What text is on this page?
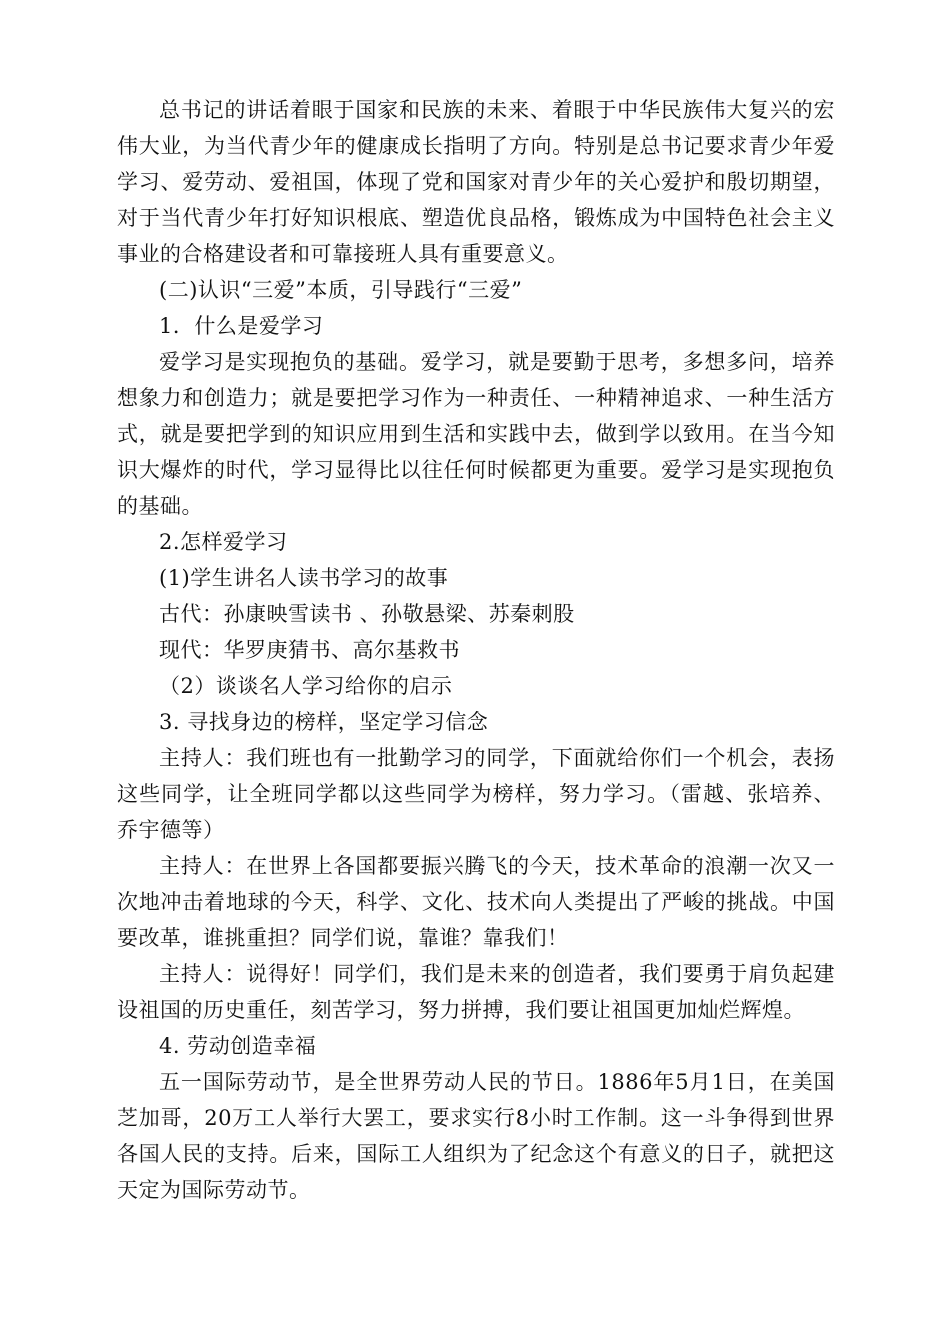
总书记的讲话着眼于国家和民族的未来、着眼于中华民族伟大复兴的宏伟大业，为当代青少年的健康成长指明了方向。特别是总书记要求青少年爱学习、爱劳动、爱祖国，体现了党和国家对青少年的关心爱护和殷切期望，对于当代青少年打好知识根底、塑造优良品格，锻炼成为中国特色社会主义事业的合格建设者和可靠接班人具有重要意义。

(二)认识“三爱”本质，引导践行“三爱”

1．什么是爱学习

爱学习是实现抱负的基础。爱学习，就是要勤于思考，多想多问，培养想象力和创造力；就是要把学习作为一种责任、一种精神追求、一种生活方式，就是要把学到的知识应用到生活和实践中去，做到学以致用。在当今知识大爆炸的时代，学习显得比以往任何时候都更为重要。爱学习是实现抱负的基础。

2.怎样爱学习

(1)学生讲名人读书学习的故事

古代：孙康映雪读书 、孙敬悬梁、苏秦刺股

现代：华罗庚猜书、高尔基救书

（2）谈谈名人学习给你的启示

3. 寻找身边的榜样，坚定学习信念

主持人：我们班也有一批勤学习的同学，下面就给你们一个机会，表扬这些同学，让全班同学都以这些同学为榜样，努力学习。（雷越、张培养、乔宇德等）

主持人：在世界上各国都要振兴腾飞的今天，技术革命的浪潮一次又一次地冲击着地球的今天，科学、文化、技术向人类提出了严峻的挑战。中国要改革，谁挑重担？同学们说，靠谁？靠我们！

主持人：说得好！同学们，我们是未来的创造者，我们要勇于肩负起建设祖国的历史重任，刻苦学习，努力拼搏，我们要让祖国更加灿烂辉煌。

4. 劳动创造幸福

五一国际劳动节，是全世界劳动人民的节日。1886年5月1日，在美国芝加哥，20万工人举行大罢工，要求实行8小时工作制。这一斗争得到世界各国人民的支持。后来，国际工人组织为了纪念这个有意义的日子，就把这天定为国际劳动节。
